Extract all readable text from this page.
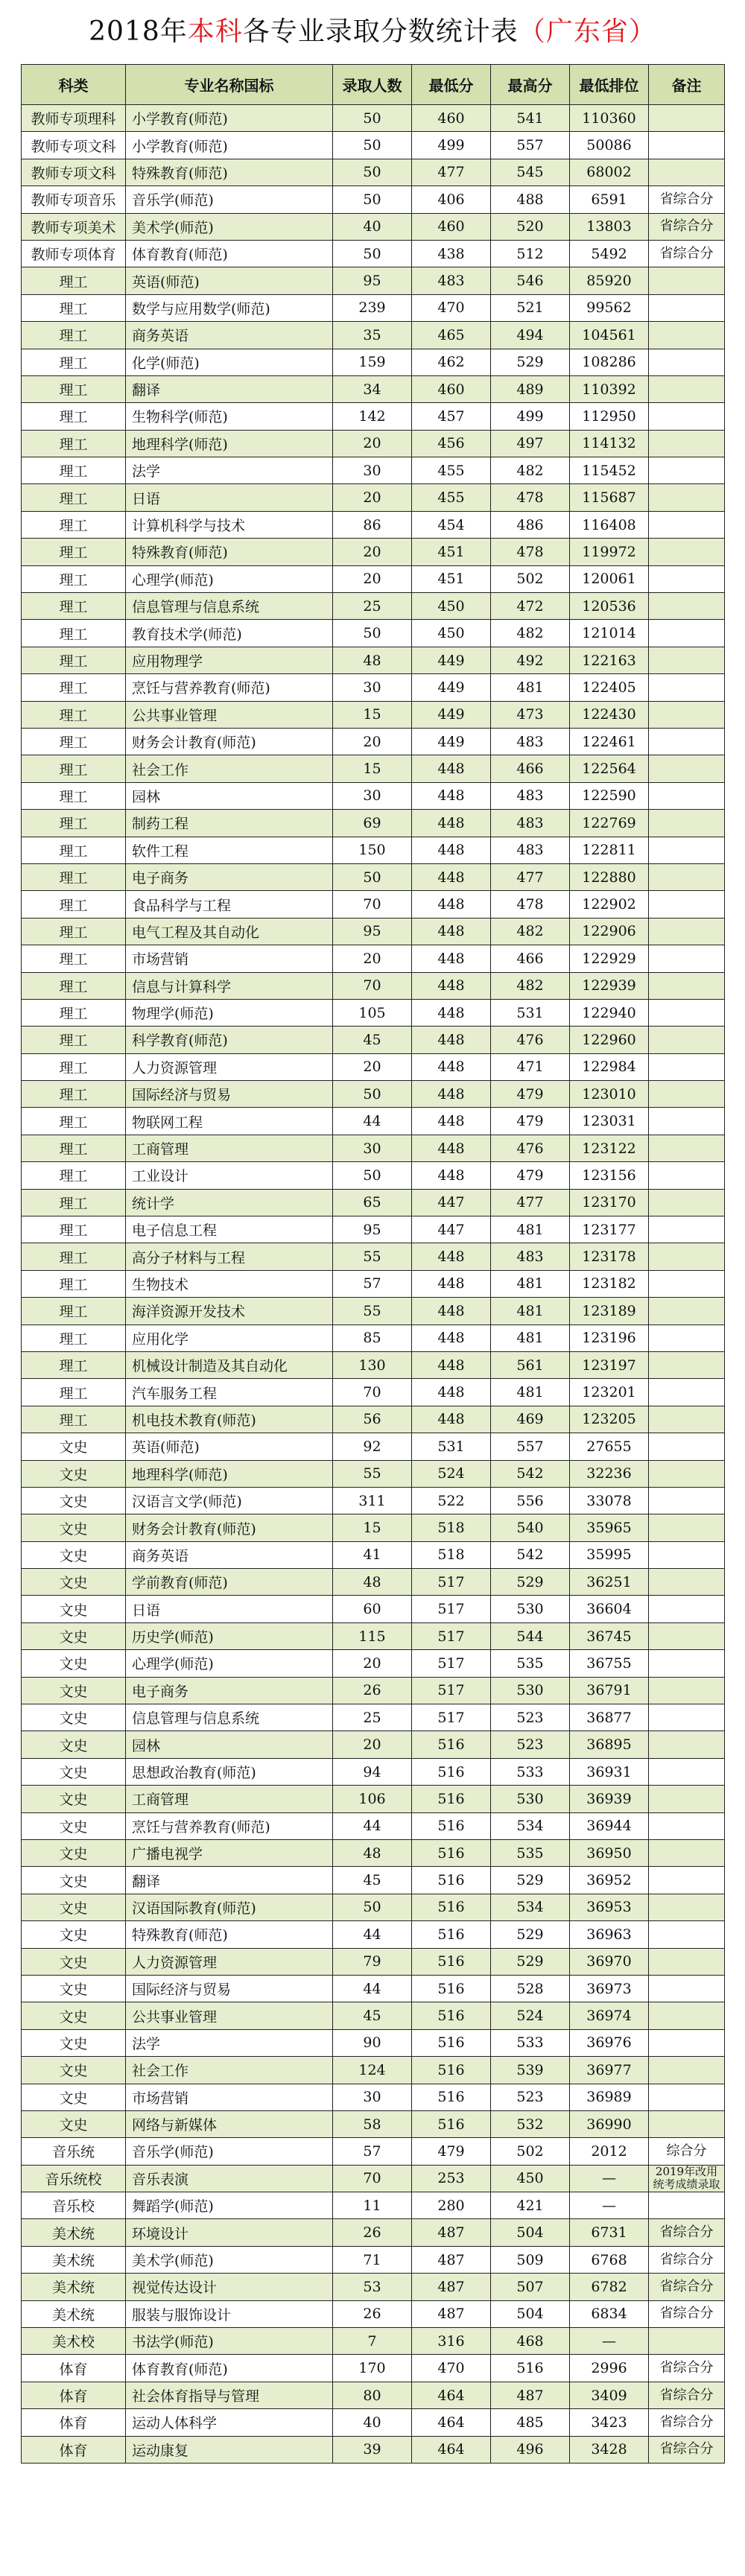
2018年本科各专业录取分数统计表（广东省）
科类	专业名称国标	录取人数	最低分	最高分	最低排位	备注
教师专项理科	小学教育(师范)	50	460	541	110360	
教师专项文科	小学教育(师范)	50	499	557	50086	
教师专项文科	特殊教育(师范)	50	477	545	68002	
教师专项音乐	音乐学(师范)	50	406	488	6591	省综合分
教师专项美术	美术学(师范)	40	460	520	13803	省综合分
教师专项体育	体育教育(师范)	50	438	512	5492	省综合分
理工	英语(师范)	95	483	546	85920	
理工	数学与应用数学(师范)	239	470	521	99562	
理工	商务英语	35	465	494	104561	
理工	化学(师范)	159	462	529	108286	
理工	翻译	34	460	489	110392	
理工	生物科学(师范)	142	457	499	112950	
理工	地理科学(师范)	20	456	497	114132	
理工	法学	30	455	482	115452	
理工	日语	20	455	478	115687	
理工	计算机科学与技术	86	454	486	116408	
理工	特殊教育(师范)	20	451	478	119972	
理工	心理学(师范)	20	451	502	120061	
理工	信息管理与信息系统	25	450	472	120536	
理工	教育技术学(师范)	50	450	482	121014	
理工	应用物理学	48	449	492	122163	
理工	烹饪与营养教育(师范)	30	449	481	122405	
理工	公共事业管理	15	449	473	122430	
理工	财务会计教育(师范)	20	449	483	122461	
理工	社会工作	15	448	466	122564	
理工	园林	30	448	483	122590	
理工	制药工程	69	448	483	122769	
理工	软件工程	150	448	483	122811	
理工	电子商务	50	448	477	122880	
理工	食品科学与工程	70	448	478	122902	
理工	电气工程及其自动化	95	448	482	122906	
理工	市场营销	20	448	466	122929	
理工	信息与计算科学	70	448	482	122939	
理工	物理学(师范)	105	448	531	122940	
理工	科学教育(师范)	45	448	476	122960	
理工	人力资源管理	20	448	471	122984	
理工	国际经济与贸易	50	448	479	123010	
理工	物联网工程	44	448	479	123031	
理工	工商管理	30	448	476	123122	
理工	工业设计	50	448	479	123156	
理工	统计学	65	447	477	123170	
理工	电子信息工程	95	447	481	123177	
理工	高分子材料与工程	55	448	483	123178	
理工	生物技术	57	448	481	123182	
理工	海洋资源开发技术	55	448	481	123189	
理工	应用化学	85	448	481	123196	
理工	机械设计制造及其自动化	130	448	561	123197	
理工	汽车服务工程	70	448	481	123201	
理工	机电技术教育(师范)	56	448	469	123205	
文史	英语(师范)	92	531	557	27655	
文史	地理科学(师范)	55	524	542	32236	
文史	汉语言文学(师范)	311	522	556	33078	
文史	财务会计教育(师范)	15	518	540	35965	
文史	商务英语	41	518	542	35995	
文史	学前教育(师范)	48	517	529	36251	
文史	日语	60	517	530	36604	
文史	历史学(师范)	115	517	544	36745	
文史	心理学(师范)	20	517	535	36755	
文史	电子商务	26	517	530	36791	
文史	信息管理与信息系统	25	517	523	36877	
文史	园林	20	516	523	36895	
文史	思想政治教育(师范)	94	516	533	36931	
文史	工商管理	106	516	530	36939	
文史	烹饪与营养教育(师范)	44	516	534	36944	
文史	广播电视学	48	516	535	36950	
文史	翻译	45	516	529	36952	
文史	汉语国际教育(师范)	50	516	534	36953	
文史	特殊教育(师范)	44	516	529	36963	
文史	人力资源管理	79	516	529	36970	
文史	国际经济与贸易	44	516	528	36973	
文史	公共事业管理	45	516	524	36974	
文史	法学	90	516	533	36976	
文史	社会工作	124	516	539	36977	
文史	市场营销	30	516	523	36989	
文史	网络与新媒体	58	516	532	36990	
音乐统	音乐学(师范)	57	479	502	2012	综合分
音乐统校	音乐表演	70	253	450	—	2019年改用统考成绩录取
音乐校	舞蹈学(师范)	11	280	421	—	
美术统	环境设计	26	487	504	6731	省综合分
美术统	美术学(师范)	71	487	509	6768	省综合分
美术统	视觉传达设计	53	487	507	6782	省综合分
美术统	服装与服饰设计	26	487	504	6834	省综合分
美术校	书法学(师范)	7	316	468	—	
体育	体育教育(师范)	170	470	516	2996	省综合分
体育	社会体育指导与管理	80	464	487	3409	省综合分
体育	运动人体科学	40	464	485	3423	省综合分
体育	运动康复	39	464	496	3428	省综合分
